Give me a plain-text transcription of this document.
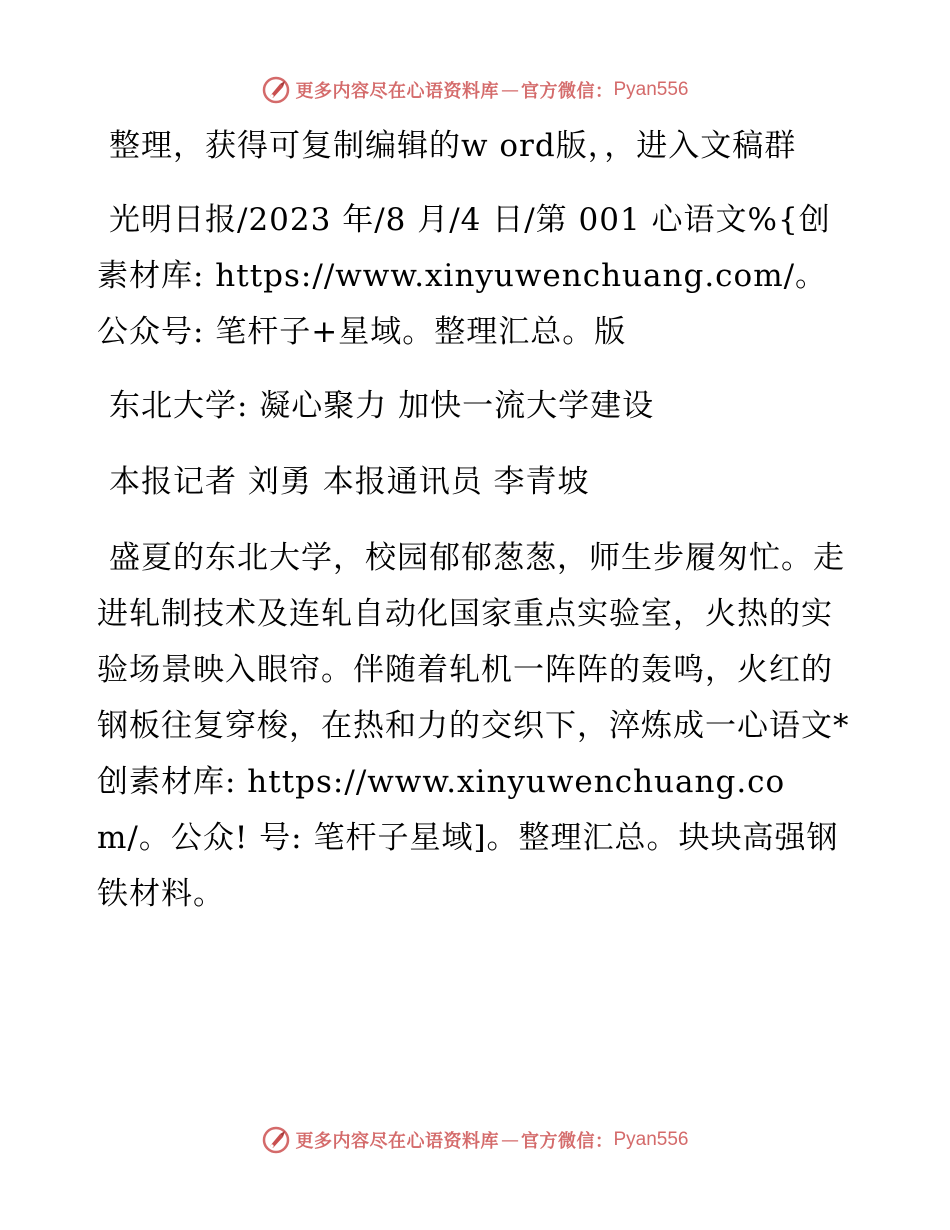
更多内容尽在心语资料库 — 官方微信： Pyan556

整理，获得可复制编辑的w ord版，，进入文稿群

光明日报/2023 年/8 月/4 日/第 001 心语文%{创素材库: https://www.xinyuwenchuang.com/。公众号: 笔杆子+星域。整理汇总。版

东北大学: 凝心聚力 加快一流大学建设

本报记者 刘勇 本报通讯员 李青坡

盛夏的东北大学，校园郁郁葱葱，师生步履匆忙。走进轧制技术及连轧自动化国家重点实验室，火热的实验场景映入眼帘。伴随着轧机一阵阵的轰鸣，火红的钢板往复穿梭，在热和力的交织下，淬炼成一心语文*创素材库: https://www.xinyuwenchuang.com/。公众! 号: 笔杆子星域]。整理汇总。块块高强钢铁材料。

更多内容尽在心语资料库 — 官方微信： Pyan556
